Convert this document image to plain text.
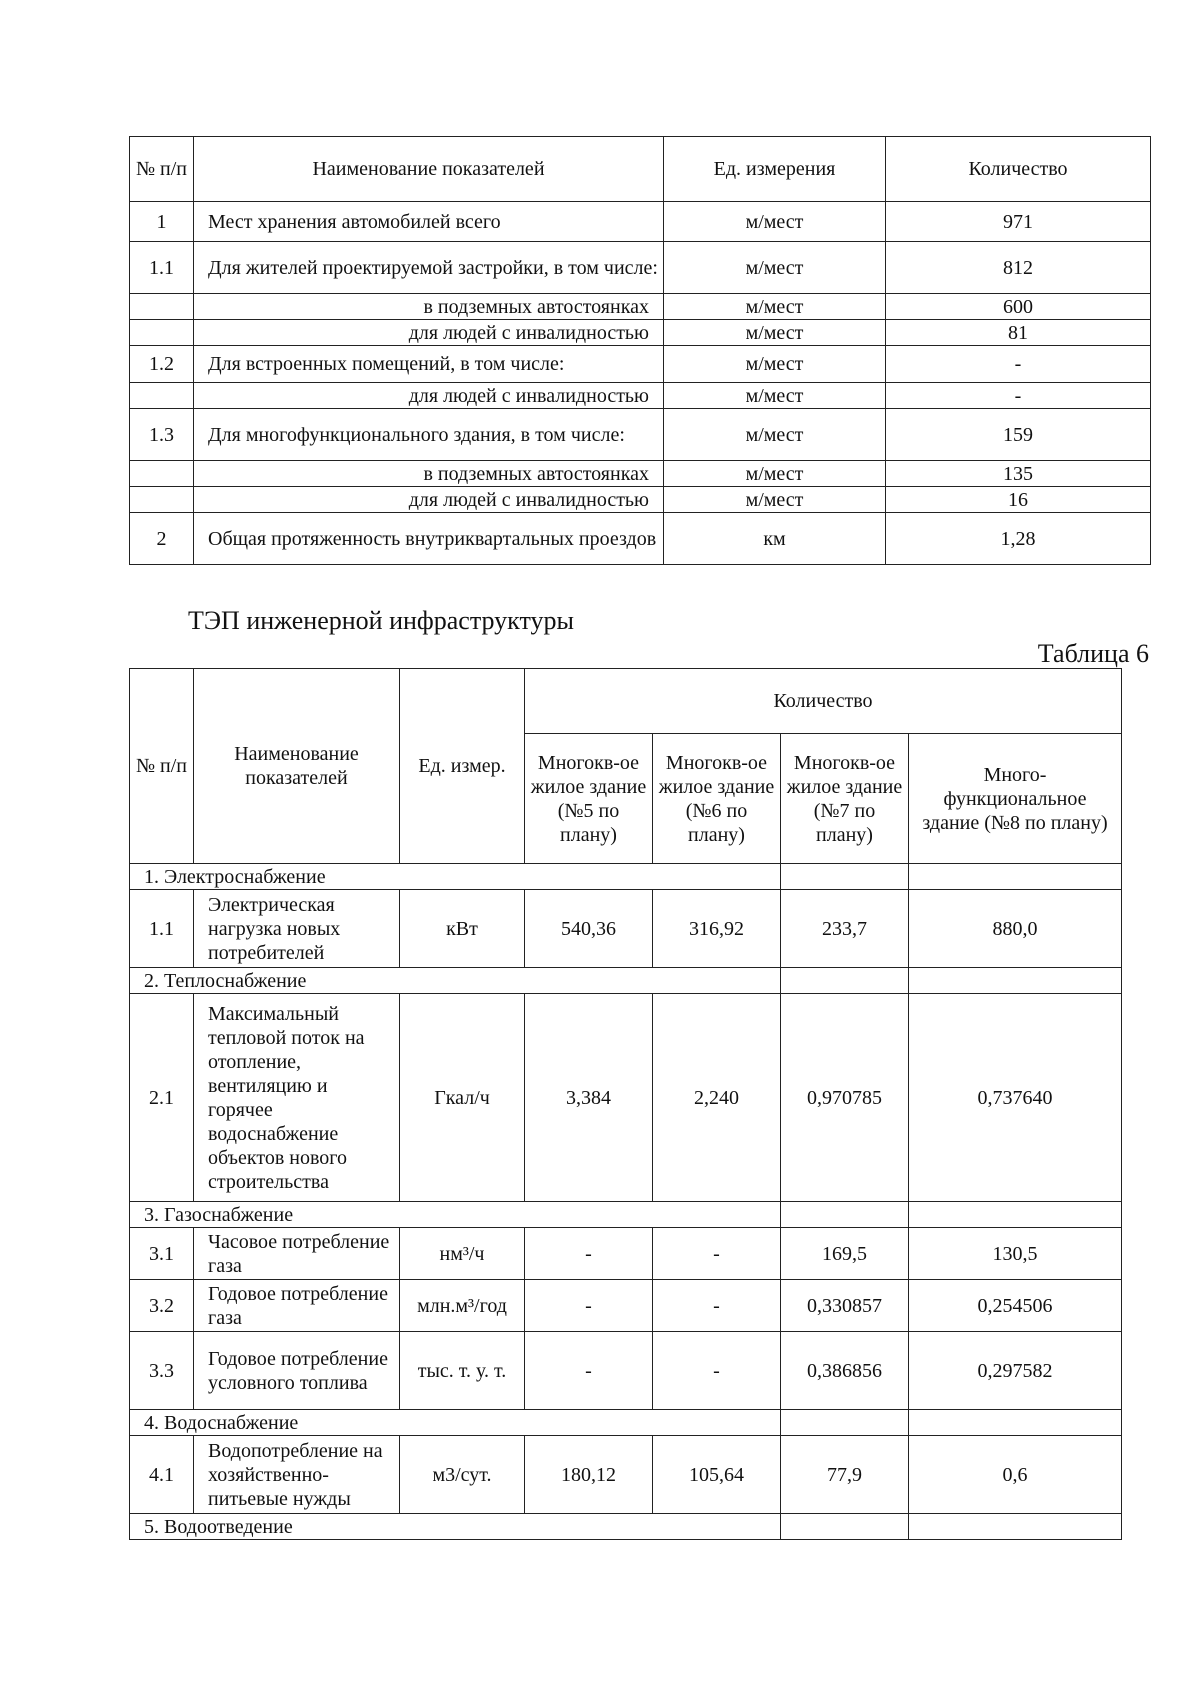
№ п/п	Наименование показателей	Ед. измерения	Количество
1	Мест хранения автомобилей всего	м/мест	971
1.1	Для жителей проектируемой застройки, в том числе:	м/мест	812
	в подземных автостоянках	м/мест	600
	для людей с инвалидностью	м/мест	81
1.2	Для встроенных помещений, в том числе:	м/мест	-
	для людей с инвалидностью	м/мест	-
1.3	Для многофункционального здания, в том числе:	м/мест	159
	в подземных автостоянках	м/мест	135
	для людей с инвалидностью	м/мест	16
2	Общая протяженность внутриквартальных проездов	км	1,28
ТЭП инженерной инфраструктуры
Таблица 6
№ п/п	Наименование показателей	Ед. измер.	Количество			
			Многокв-ое жилое здание (№5 по плану)	Многокв-ое жилое здание (№6 по плану)	Многокв-ое жилое здание (№7 по плану)	Много-функциональное здание (№8 по плану)
1. Электроснабжение						
1.1	Электрическая нагрузка новых потребителей	кВт	540,36	316,92	233,7	880,0
2. Теплоснабжение						
2.1	Максимальный тепловой поток на отопление, вентиляцию и горячее водоснабжение объектов нового строительства	Гкал/ч	3,384	2,240	0,970785	0,737640
3. Газоснабжение						
3.1	Часовое потребление газа	нм³/ч	-	-	169,5	130,5
3.2	Годовое потребление газа	млн.м³/год	-	-	0,330857	0,254506
3.3	Годовое потребление условного топлива	тыс. т. у. т.	-	-	0,386856	0,297582
4. Водоснабжение						
4.1	Водопотребление на хозяйственно-питьевые нужды	м3/сут.	180,12	105,64	77,9	0,6
5. Водоотведение						
